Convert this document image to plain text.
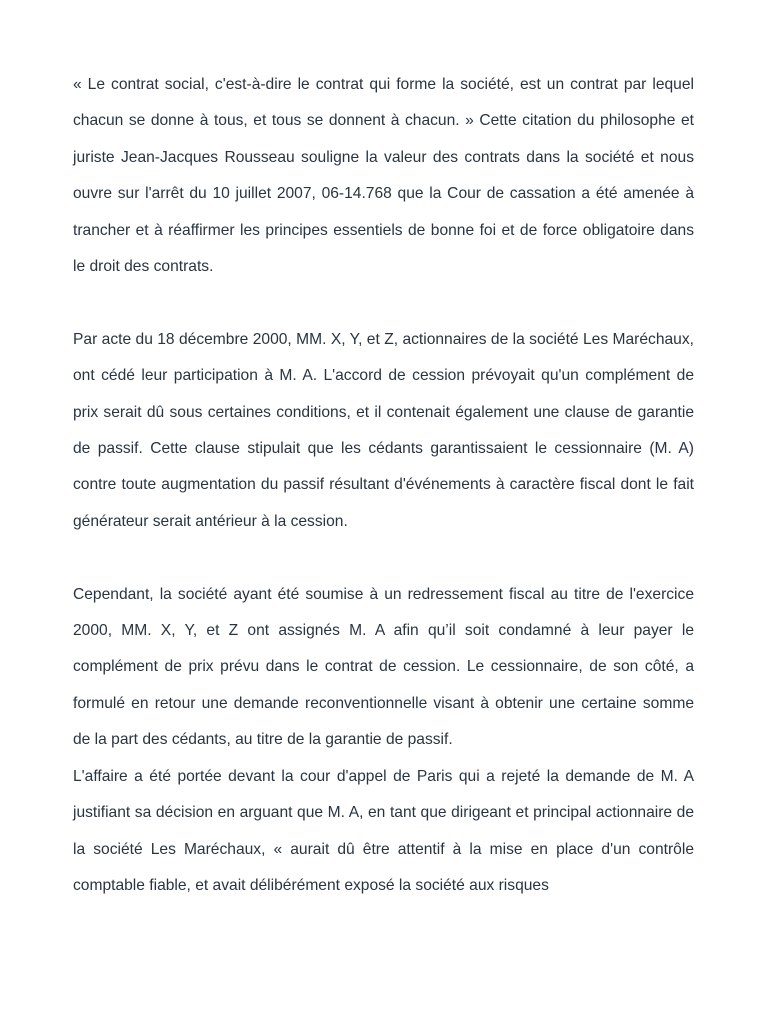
« Le contrat social, c'est-à-dire le contrat qui forme la société, est un contrat par lequel chacun se donne à tous, et tous se donnent à chacun. » Cette citation du philosophe et juriste Jean-Jacques Rousseau souligne la valeur des contrats dans la société et nous ouvre sur l'arrêt du 10 juillet 2007, 06-14.768 que la Cour de cassation a été amenée à trancher et à réaffirmer les principes essentiels de bonne foi et de force obligatoire dans le droit des contrats.

Par acte du 18 décembre 2000, MM. X, Y, et Z, actionnaires de la société Les Maréchaux, ont cédé leur participation à M. A. L'accord de cession prévoyait qu'un complément de prix serait dû sous certaines conditions, et il contenait également une clause de garantie de passif. Cette clause stipulait que les cédants garantissaient le cessionnaire (M. A) contre toute augmentation du passif résultant d'événements à caractère fiscal dont le fait générateur serait antérieur à la cession.

Cependant, la société ayant été soumise à un redressement fiscal au titre de l'exercice 2000, MM. X, Y, et Z ont assignés M. A afin qu’il soit condamné à leur payer le complément de prix prévu dans le contrat de cession. Le cessionnaire, de son côté, a formulé en retour une demande reconventionnelle visant à obtenir une certaine somme de la part des cédants, au titre de la garantie de passif.

L'affaire a été portée devant la cour d'appel de Paris qui a rejeté la demande de M. A justifiant sa décision en arguant que M. A, en tant que dirigeant et principal actionnaire de la société Les Maréchaux, « aurait dû être attentif à la mise en place d'un contrôle comptable fiable, et avait délibérément exposé la société aux risques
